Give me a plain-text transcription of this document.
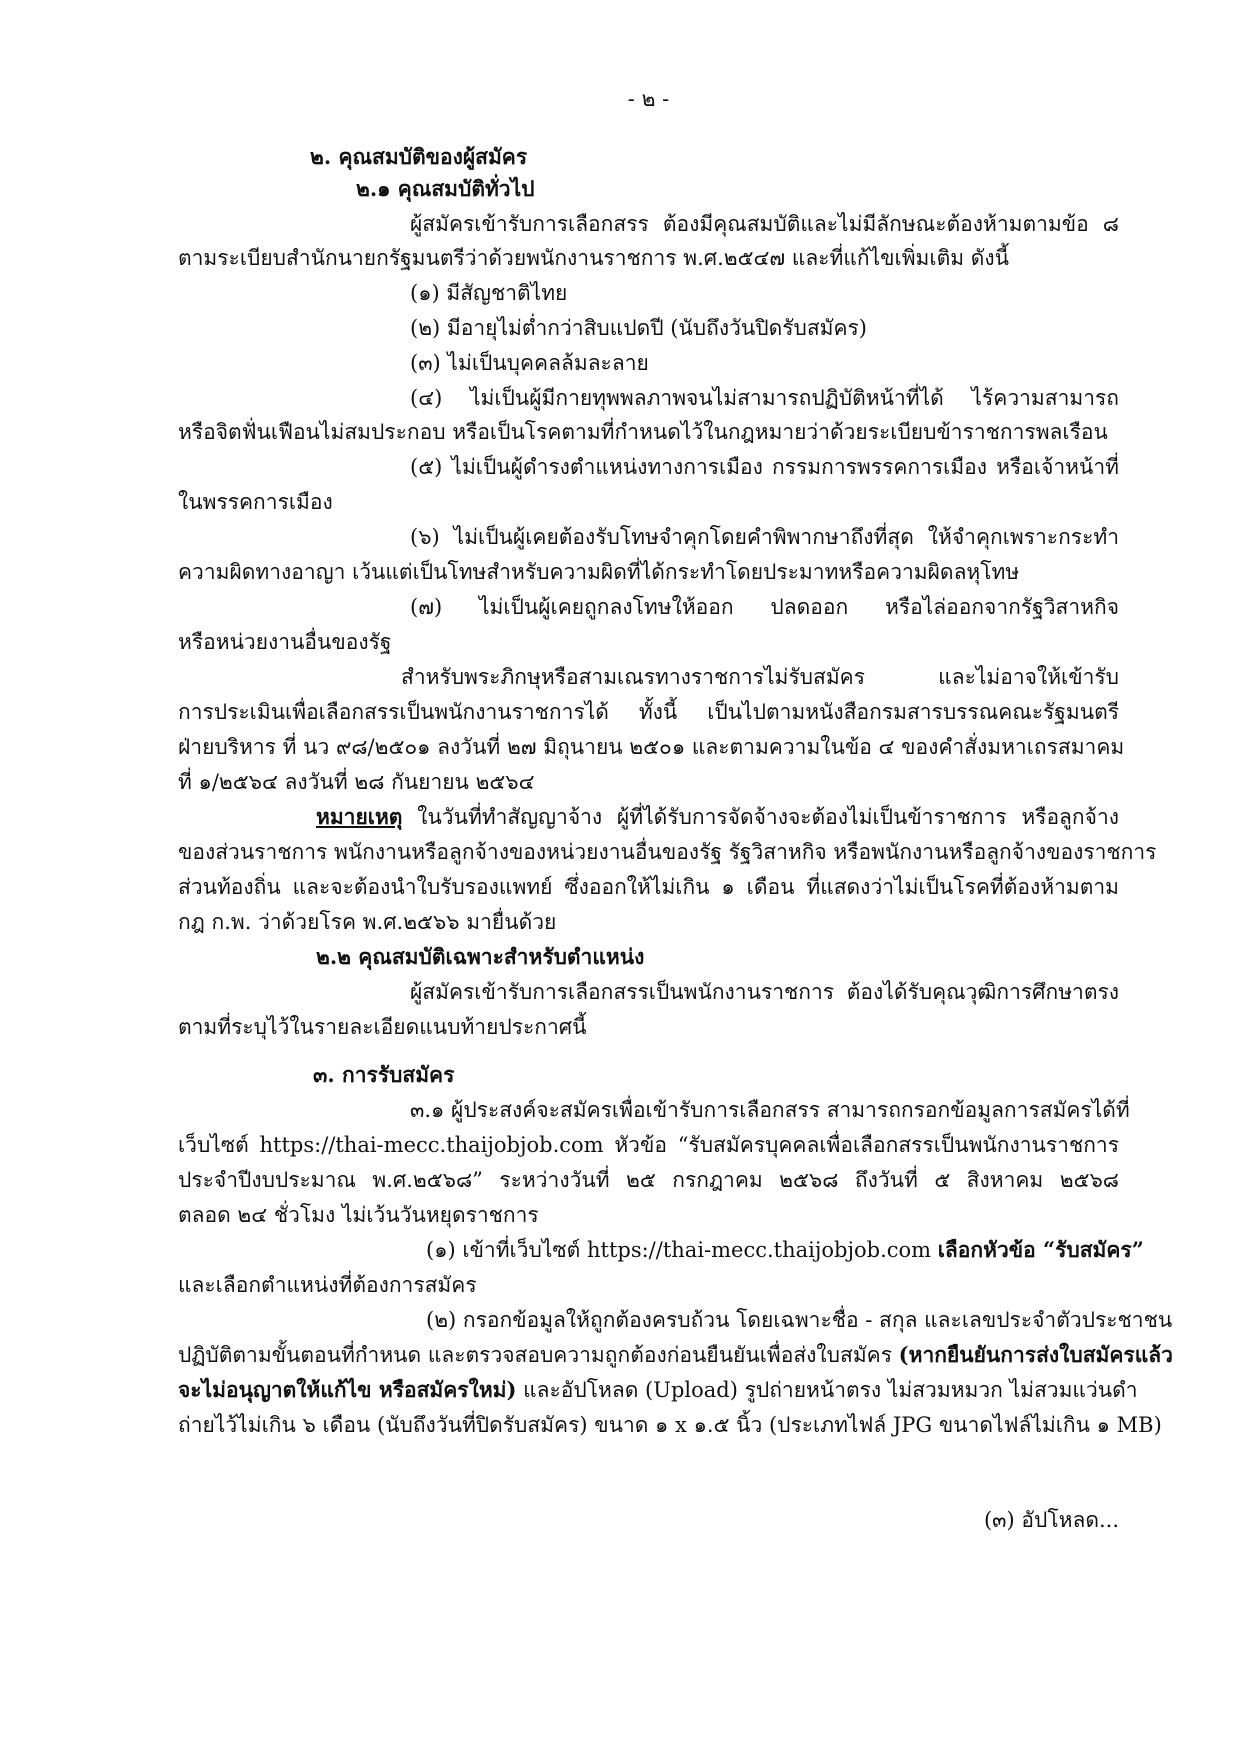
- ๒ -
๒. คุณสมบัติของผู้สมัคร
๒.๑ คุณสมบัติทั่วไป
ผู้สมัครเข้ารับการเลือกสรร ต้องมีคุณสมบัติและไม่มีลักษณะต้องห้ามตามข้อ ๘
ตามระเบียบสำนักนายกรัฐมนตรีว่าด้วยพนักงานราชการ พ.ศ.๒๕๔๗ และที่แก้ไขเพิ่มเติม ดังนี้
(๑) มีสัญชาติไทย
(๒) มีอายุไม่ต่ำกว่าสิบแปดปี (นับถึงวันปิดรับสมัคร)
(๓) ไม่เป็นบุคคลล้มละลาย
(๔) ไม่เป็นผู้มีกายทุพพลภาพจนไม่สามารถปฏิบัติหน้าที่ได้ ไร้ความสามารถ
หรือจิตฟั่นเฟือนไม่สมประกอบ หรือเป็นโรคตามที่กำหนดไว้ในกฎหมายว่าด้วยระเบียบข้าราชการพลเรือน
(๕) ไม่เป็นผู้ดำรงตำแหน่งทางการเมือง กรรมการพรรคการเมือง หรือเจ้าหน้าที่
ในพรรคการเมือง
(๖) ไม่เป็นผู้เคยต้องรับโทษจำคุกโดยคำพิพากษาถึงที่สุด ให้จำคุกเพราะกระทำ
ความผิดทางอาญา เว้นแต่เป็นโทษสำหรับความผิดที่ได้กระทำโดยประมาทหรือความผิดลหุโทษ
(๗) ไม่เป็นผู้เคยถูกลงโทษให้ออก ปลดออก หรือไล่ออกจากรัฐวิสาหกิจ
หรือหน่วยงานอื่นของรัฐ
สำหรับพระภิกษุหรือสามเณรทางราชการไม่รับสมัคร และไม่อาจให้เข้ารับ
การประเมินเพื่อเลือกสรรเป็นพนักงานราชการได้ ทั้งนี้ เป็นไปตามหนังสือกรมสารบรรณคณะรัฐมนตรี
ฝ่ายบริหาร ที่ นว ๙๘/๒๕๐๑ ลงวันที่ ๒๗ มิถุนายน ๒๕๐๑ และตามความในข้อ ๔ ของคำสั่งมหาเถรสมาคม
ที่ ๑/๒๕๖๔ ลงวันที่ ๒๘ กันยายน ๒๕๖๔
หมายเหตุ ในวันที่ทำสัญญาจ้าง ผู้ที่ได้รับการจัดจ้างจะต้องไม่เป็นข้าราชการ หรือลูกจ้าง
ของส่วนราชการ พนักงานหรือลูกจ้างของหน่วยงานอื่นของรัฐ รัฐวิสาหกิจ หรือพนักงานหรือลูกจ้างของราชการ
ส่วนท้องถิ่น และจะต้องนำใบรับรองแพทย์ ซึ่งออกให้ไม่เกิน ๑ เดือน ที่แสดงว่าไม่เป็นโรคที่ต้องห้ามตาม
กฎ ก.พ. ว่าด้วยโรค พ.ศ.๒๕๖๖ มายื่นด้วย
๒.๒ คุณสมบัติเฉพาะสำหรับตำแหน่ง
ผู้สมัครเข้ารับการเลือกสรรเป็นพนักงานราชการ ต้องได้รับคุณวุฒิการศึกษาตรง
ตามที่ระบุไว้ในรายละเอียดแนบท้ายประกาศนี้
๓. การรับสมัคร
๓.๑ ผู้ประสงค์จะสมัครเพื่อเข้ารับการเลือกสรร สามารถกรอกข้อมูลการสมัครได้ที่
เว็บไซต์ https://thai-mecc.thaijobjob.com หัวข้อ “รับสมัครบุคคลเพื่อเลือกสรรเป็นพนักงานราชการ
ประจำปีงบประมาณ พ.ศ.๒๕๖๘” ระหว่างวันที่ ๒๕ กรกฎาคม ๒๕๖๘ ถึงวันที่ ๕ สิงหาคม ๒๕๖๘
ตลอด ๒๔ ชั่วโมง ไม่เว้นวันหยุดราชการ
(๑) เข้าที่เว็บไซต์ https://thai-mecc.thaijobjob.com เลือกหัวข้อ “รับสมัคร”
และเลือกตำแหน่งที่ต้องการสมัคร
(๒) กรอกข้อมูลให้ถูกต้องครบถ้วน โดยเฉพาะชื่อ - สกุล และเลขประจำตัวประชาชน
ปฏิบัติตามขั้นตอนที่กำหนด และตรวจสอบความถูกต้องก่อนยืนยันเพื่อส่งใบสมัคร (หากยืนยันการส่งใบสมัครแล้ว
จะไม่อนุญาตให้แก้ไข หรือสมัครใหม่) และอัปโหลด (Upload) รูปถ่ายหน้าตรง ไม่สวมหมวก ไม่สวมแว่นดำ
ถ่ายไว้ไม่เกิน ๖ เดือน (นับถึงวันที่ปิดรับสมัคร) ขนาด ๑ x ๑.๕ นิ้ว (ประเภทไฟล์ JPG ขนาดไฟล์ไม่เกิน ๑ MB)
(๓) อัปโหลด...
